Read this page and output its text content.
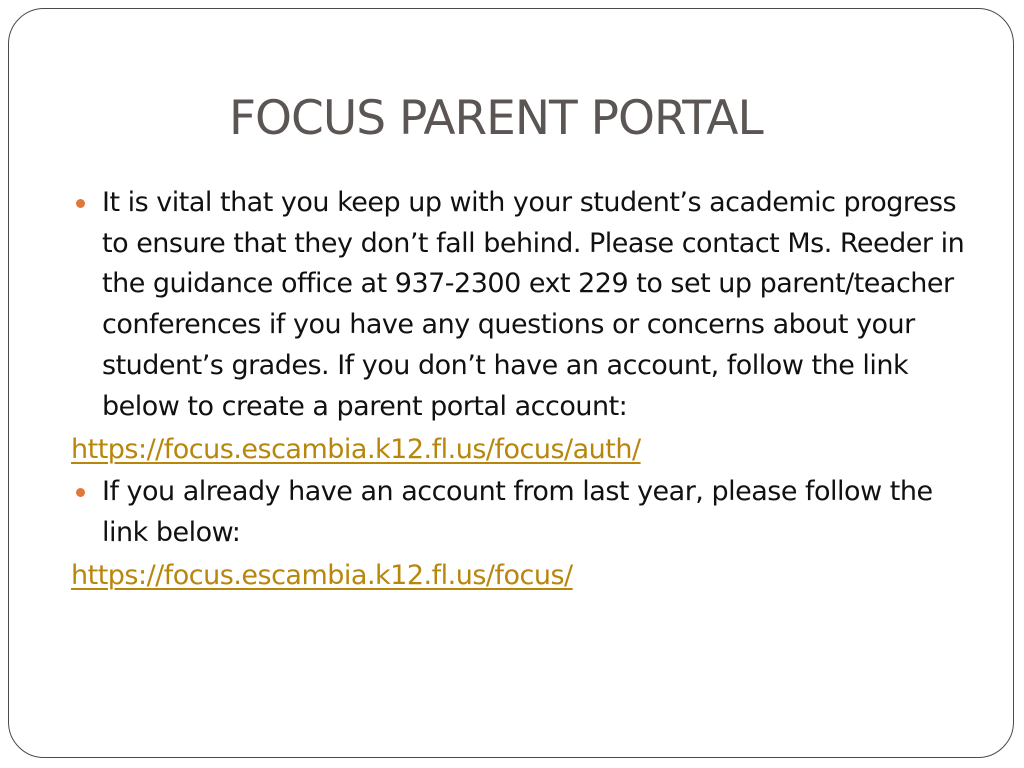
FOCUS PARENT PORTAL
It is vital that you keep up with your student’s academic progress to ensure that they don’t fall behind. Please contact Ms. Reeder in the guidance office at 937-2300 ext 229 to set up parent/teacher conferences if you have any questions or concerns about your student’s grades. If you don’t have an account, follow the link below to create a parent portal account:
https://focus.escambia.k12.fl.us/focus/auth/
If you already have an account from last year, please follow the link below:
https://focus.escambia.k12.fl.us/focus/
